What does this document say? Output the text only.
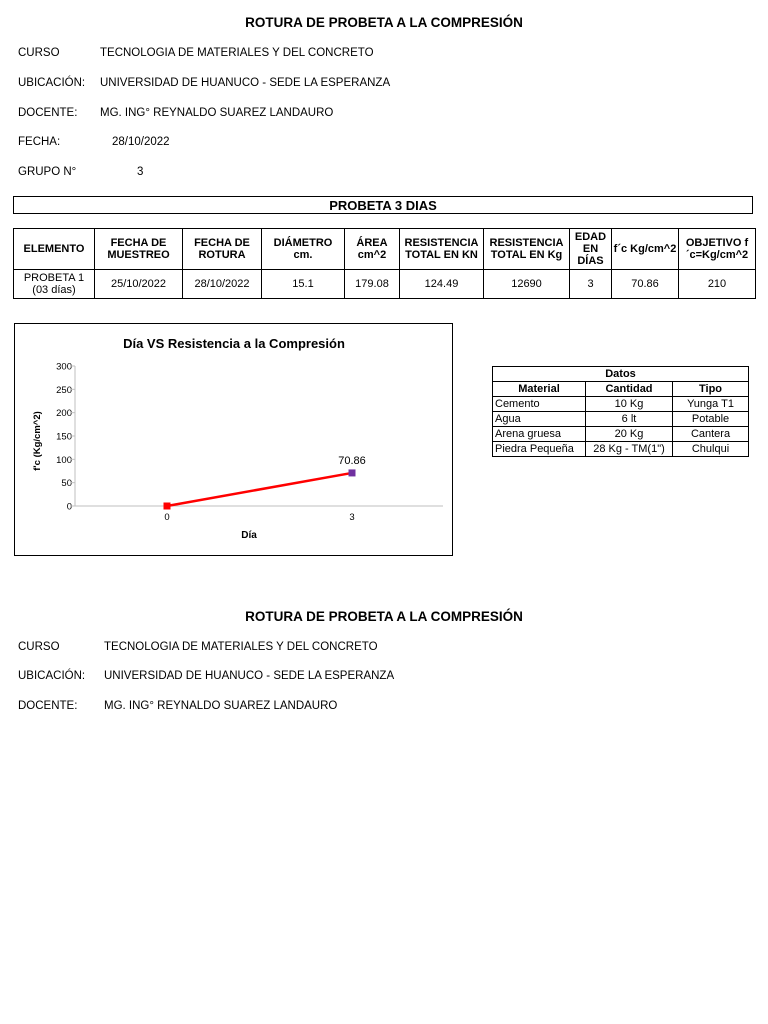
ROTURA DE PROBETA A LA COMPRESIÓN
CURSO	TECNOLOGIA DE MATERIALES Y DEL CONCRETO
UBICACIÓN: UNIVERSIDAD DE HUANUCO - SEDE LA ESPERANZA
DOCENTE: MG. ING° REYNALDO SUAREZ LANDAURO
FECHA:	28/10/2022
GRUPO N°	3
PROBETA 3 DIAS
ELEMENTO	FECHA DE MUESTREO	FECHA DE ROTURA	DIÁMETRO cm.	ÁREA cm^2	RESISTENCIA TOTAL EN KN	RESISTENCIA TOTAL EN Kg	EDAD EN DÍAS	f´c Kg/cm^2	OBJETIVO f´c=Kg/cm^2

PROBETA 1
(03 días)	25/10/2022	28/10/2022	15.1	179.08	124.49	12690	3	70.86	210
Día VS Resistencia a la Compresión
0
50
100
150
200
250
300
0	3
70.86
Día
f'c (Kg/cm^2)
Datos		
Material	Cantidad	Tipo
Cemento	10 Kg	Yunga T1
Agua	6 lt	Potable
Arena gruesa	20 Kg	Cantera
Piedra Pequeña	28 Kg - TM(1")	Chulqui
ROTURA DE PROBETA A LA COMPRESIÓN
CURSO	TECNOLOGIA DE MATERIALES Y DEL CONCRETO
UBICACIÓN: UNIVERSIDAD DE HUANUCO - SEDE LA ESPERANZA
DOCENTE: MG. ING° REYNALDO SUAREZ LANDAURO
